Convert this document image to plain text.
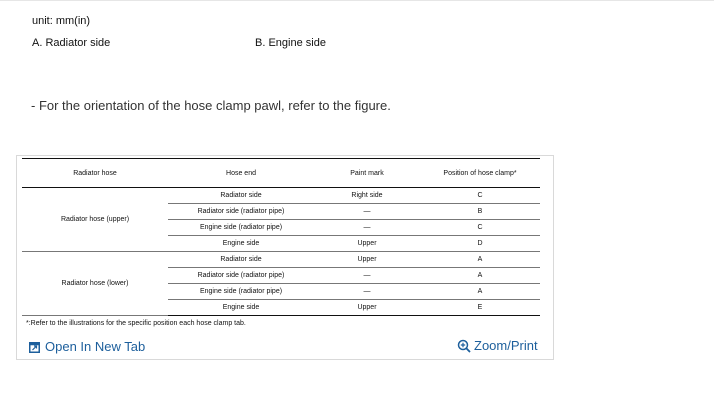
unit: mm(in)
A. Radiator side	B. Engine side
- For the orientation of the hose clamp pawl, refer to the figure.
Radiator hose	Hose end	Paint mark	Position of hose clamp*
Radiator hose (upper)	Radiator side	Right side	C
	Radiator side (radiator pipe)	—	B
	Engine side (radiator pipe)	—	C
	Engine side	Upper	D
Radiator hose (lower)	Radiator side	Upper	A
	Radiator side (radiator pipe)	—	A
	Engine side (radiator pipe)	—	A
	Engine side	Upper	E
*:Refer to the illustrations for the specific position each hose clamp tab.
Open In New Tab	Zoom/Print
